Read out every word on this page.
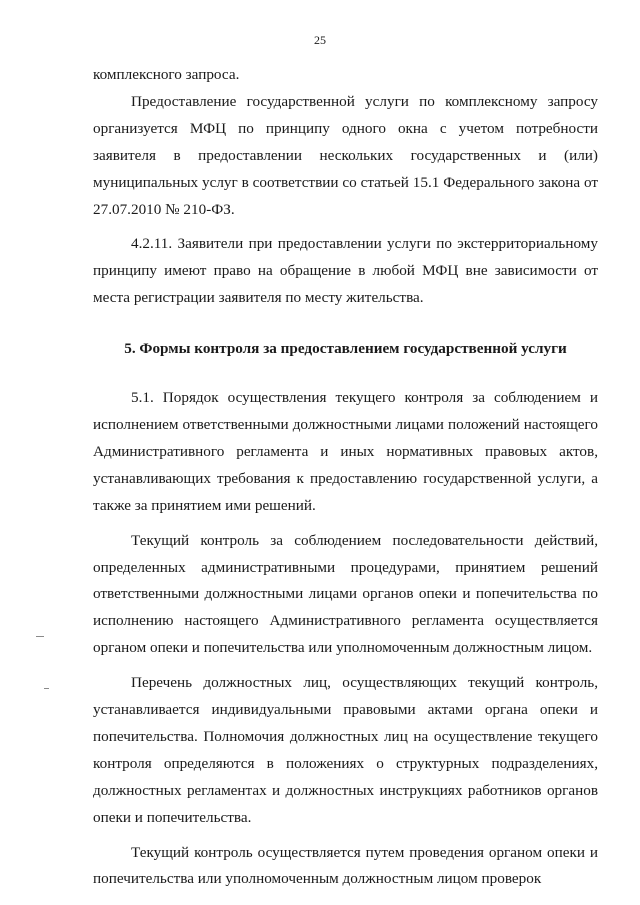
25

комплексного запроса.

Предоставление государственной услуги по комплексному запросу организуется МФЦ по принципу одного окна с учетом потребности заявителя в предоставлении нескольких государственных и (или) муниципальных услуг в соответствии со статьей 15.1 Федерального закона от 27.07.2010 № 210-ФЗ.

4.2.11. Заявители при предоставлении услуги по экстерриториальному принципу имеют право на обращение в любой МФЦ вне зависимости от места регистрации заявителя по месту жительства.

5. Формы контроля за предоставлением государственной услуги

5.1. Порядок осуществления текущего контроля за соблюдением и исполнением ответственными должностными лицами положений настоящего Административного регламента и иных нормативных правовых актов, устанавливающих требования к предоставлению государственной услуги, а также за принятием ими решений.

Текущий контроль за соблюдением последовательности действий, определенных административными процедурами, принятием решений ответственными должностными лицами органов опеки и попечительства по исполнению настоящего Административного регламента осуществляется органом опеки и попечительства или уполномоченным должностным лицом.

Перечень должностных лиц, осуществляющих текущий контроль, устанавливается индивидуальными правовыми актами органа опеки и попечительства. Полномочия должностных лиц на осуществление текущего контроля определяются в положениях о структурных подразделениях, должностных регламентах и должностных инструкциях работников органов опеки и попечительства.

Текущий контроль осуществляется путем проведения органом опеки и попечительства или уполномоченным должностным лицом проверок
